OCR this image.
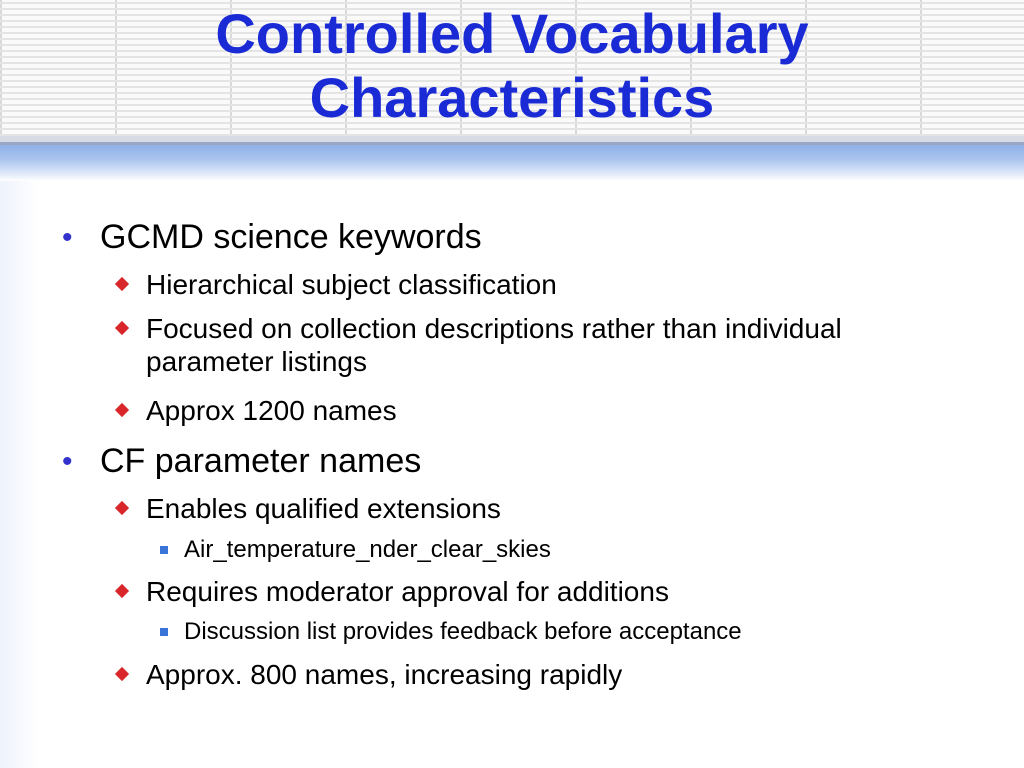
Controlled Vocabulary
Characteristics
• GCMD science keywords
Hierarchical subject classification
Focused on collection descriptions rather than individual parameter listings
Approx 1200 names
• CF parameter names
Enables qualified extensions
Air_temperature_nder_clear_skies
Requires moderator approval for additions
Discussion list provides feedback before acceptance
Approx. 800 names, increasing rapidly
